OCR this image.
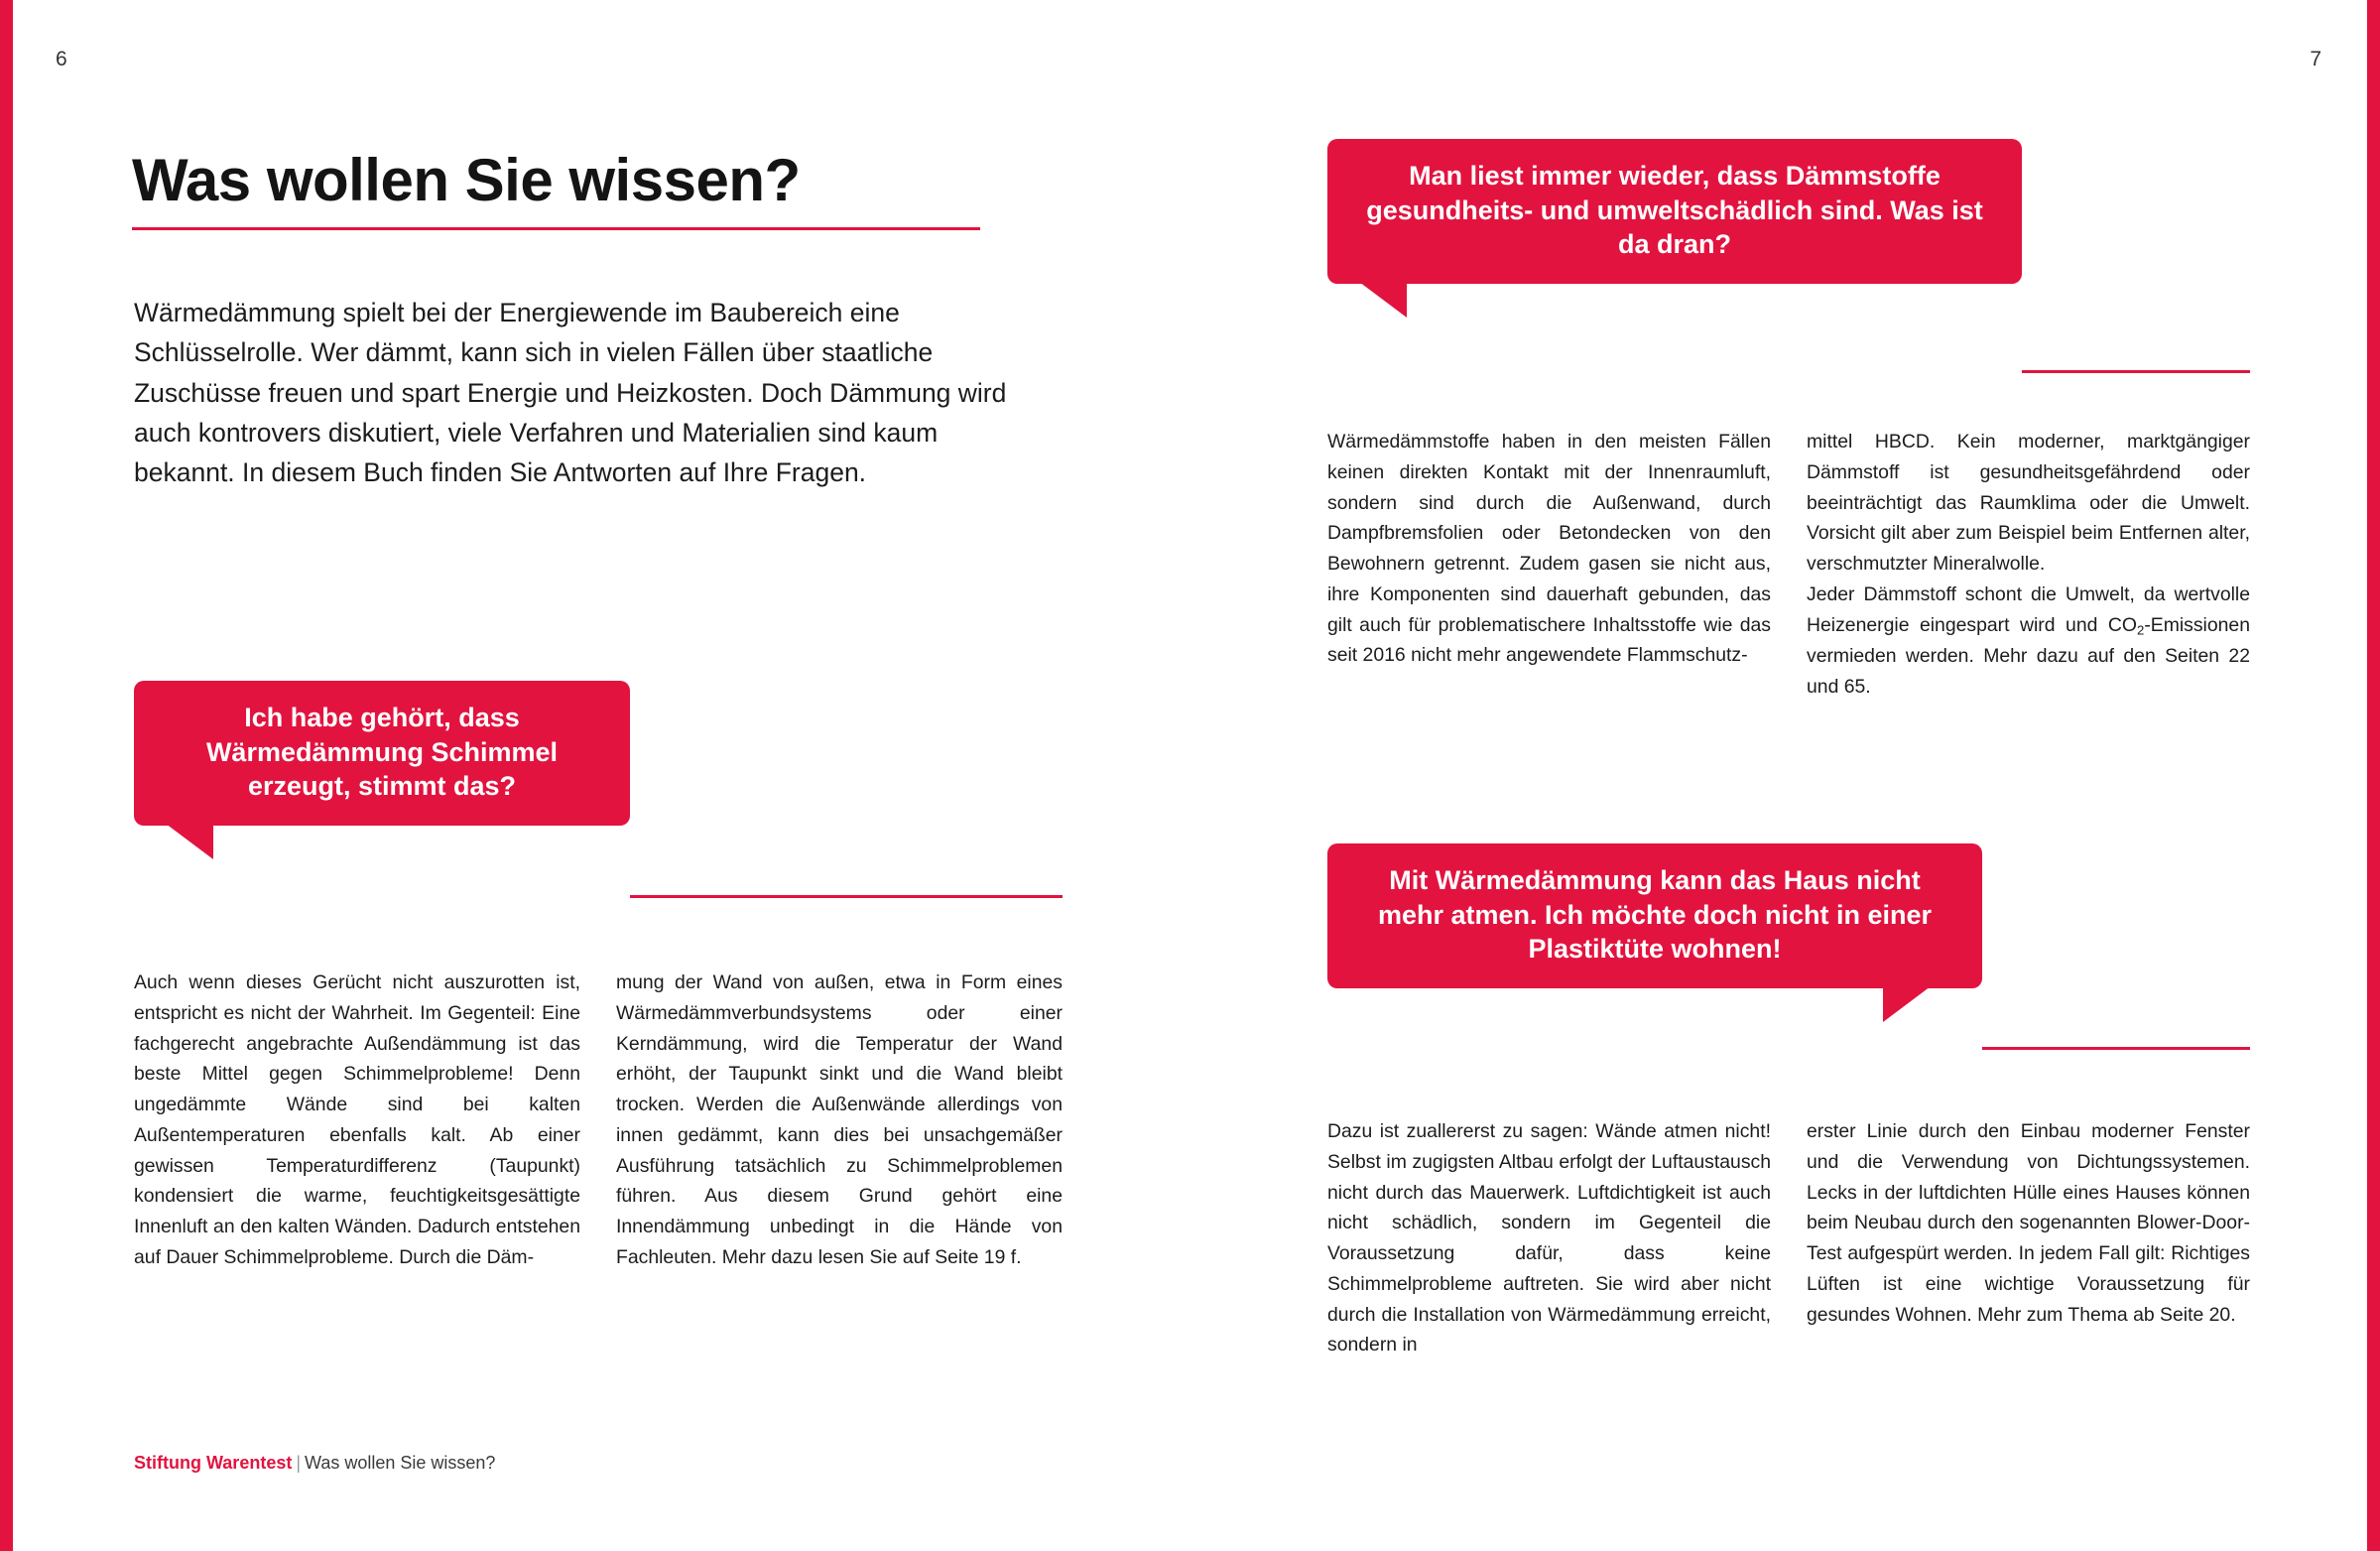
6
Was wollen Sie wissen?
Wärmedämmung spielt bei der Energiewende im Baubereich eine Schlüsselrolle. Wer dämmt, kann sich in vielen Fällen über staatliche Zuschüsse freuen und spart Energie und Heizkosten. Doch Dämmung wird auch kontrovers diskutiert, viele Verfahren und Materialien sind kaum bekannt. In diesem Buch finden Sie Antworten auf Ihre Fragen.
Ich habe gehört, dass Wärmedämmung Schimmel erzeugt, stimmt das?

Auch wenn dieses Gerücht nicht auszurotten ist, entspricht es nicht der Wahrheit. Im Gegenteil: Eine fachgerecht angebrachte Außendämmung ist das beste Mittel gegen Schimmelprobleme! Denn ungedämmte Wände sind bei kalten Außentemperaturen ebenfalls kalt. Ab einer gewissen Temperaturdifferenz (Taupunkt) kondensiert die warme, feuchtigkeitsgesättigte Innenluft an den kalten Wänden. Dadurch entstehen auf Dauer Schimmelprobleme. Durch die Däm-

mung der Wand von außen, etwa in Form eines Wärmedämmverbundsystems oder einer Kerndämmung, wird die Temperatur der Wand erhöht, der Taupunkt sinkt und die Wand bleibt trocken. Werden die Außenwände allerdings von innen gedämmt, kann dies bei unsachgemäßer Ausführung tatsächlich zu Schimmelproblemen führen. Aus diesem Grund gehört eine Innendämmung unbedingt in die Hände von Fachleuten. Mehr dazu lesen Sie auf Seite 19 f.

Stiftung Warentest | Was wollen Sie wissen?
7
Man liest immer wieder, dass Dämmstoffe gesundheits- und umweltschädlich sind. Was ist da dran?

Wärmedämmstoffe haben in den meisten Fällen keinen direkten Kontakt mit der Innenraumluft, sondern sind durch die Außenwand, durch Dampfbremsfolien oder Betondecken von den Bewohnern getrennt. Zudem gasen sie nicht aus, ihre Komponenten sind dauerhaft gebunden, das gilt auch für problematischere Inhaltsstoffe wie das seit 2016 nicht mehr angewendete Flammschutz-

mittel HBCD. Kein moderner, marktgängiger Dämmstoff ist gesundheitsgefährdend oder beeinträchtigt das Raumklima oder die Umwelt. Vorsicht gilt aber zum Beispiel beim Entfernen alter, verschmutzter Mineralwolle.

Jeder Dämmstoff schont die Umwelt, da wertvolle Heizenergie eingespart wird und $CO_2$-Emissionen vermieden werden. Mehr dazu auf den Seiten 22 und 65.

Mit Wärmedämmung kann das Haus nicht mehr atmen. Ich möchte doch nicht in einer Plastiktüte wohnen!

Dazu ist zuallererst zu sagen: Wände atmen nicht! Selbst im zugigsten Altbau erfolgt der Luftaustausch nicht durch das Mauerwerk. Luftdichtigkeit ist auch nicht schädlich, sondern im Gegenteil die Voraussetzung dafür, dass keine Schimmelprobleme auftreten. Sie wird aber nicht durch die Installation von Wärmedämmung erreicht, sondern in

erster Linie durch den Einbau moderner Fenster und die Verwendung von Dichtungssystemen. Lecks in der luftdichten Hülle eines Hauses können beim Neubau durch den sogenannten Blower-Door-Test aufgespürt werden. In jedem Fall gilt: Richtiges Lüften ist eine wichtige Voraussetzung für gesundes Wohnen. Mehr zum Thema ab Seite 20.
